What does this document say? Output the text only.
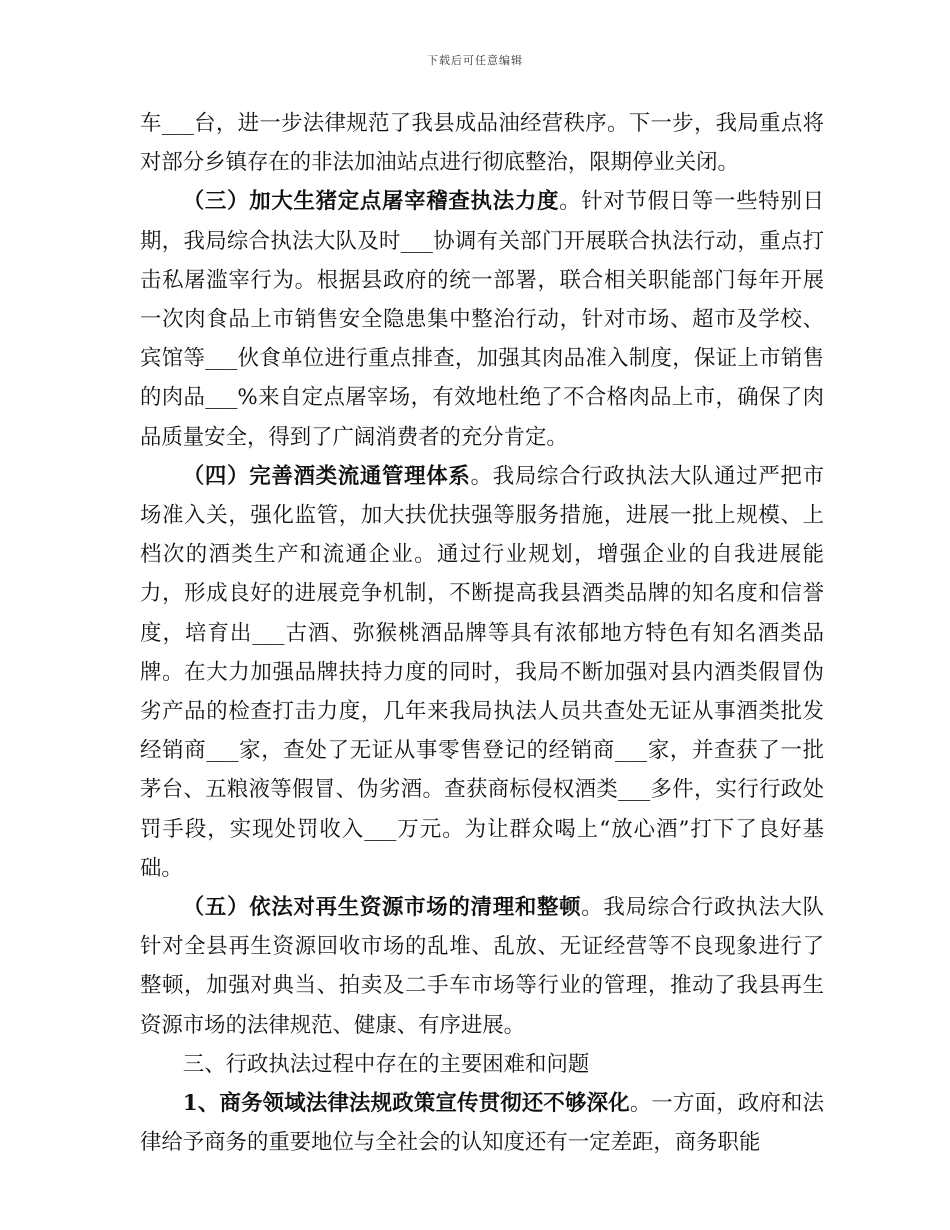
下载后可任意编辑

车___台，进一步法律规范了我县成品油经营秩序。下一步，我局重点将对部分乡镇存在的非法加油站点进行彻底整治，限期停业关闭。

（三）加大生猪定点屠宰稽查执法力度。针对节假日等一些特别日期，我局综合执法大队及时___协调有关部门开展联合执法行动，重点打击私屠滥宰行为。根据县政府的统一部署，联合相关职能部门每年开展一次肉食品上市销售安全隐患集中整治行动，针对市场、超市及学校、宾馆等___伙食单位进行重点排查，加强其肉品准入制度，保证上市销售的肉品___%来自定点屠宰场，有效地杜绝了不合格肉品上市，确保了肉品质量安全，得到了广阔消费者的充分肯定。

（四）完善酒类流通管理体系。我局综合行政执法大队通过严把市场准入关，强化监管，加大扶优扶强等服务措施，进展一批上规模、上档次的酒类生产和流通企业。通过行业规划，增强企业的自我进展能力，形成良好的进展竞争机制，不断提高我县酒类品牌的知名度和信誉度，培育出___古酒、弥猴桃酒品牌等具有浓郁地方特色有知名酒类品牌。在大力加强品牌扶持力度的同时，我局不断加强对县内酒类假冒伪劣产品的检查打击力度，几年来我局执法人员共查处无证从事酒类批发经销商___家，查处了无证从事零售登记的经销商___家，并查获了一批茅台、五粮液等假冒、伪劣酒。查获商标侵权酒类___多件，实行行政处罚手段，实现处罚收入___万元。为让群众喝上“放心酒”打下了良好基础。

（五）依法对再生资源市场的清理和整顿。我局综合行政执法大队针对全县再生资源回收市场的乱堆、乱放、无证经营等不良现象进行了整顿，加强对典当、拍卖及二手车市场等行业的管理，推动了我县再生资源市场的法律规范、健康、有序进展。

三、行政执法过程中存在的主要困难和问题

1、商务领域法律法规政策宣传贯彻还不够深化。一方面，政府和法律给予商务的重要地位与全社会的认知度还有一定差距，商务职能
